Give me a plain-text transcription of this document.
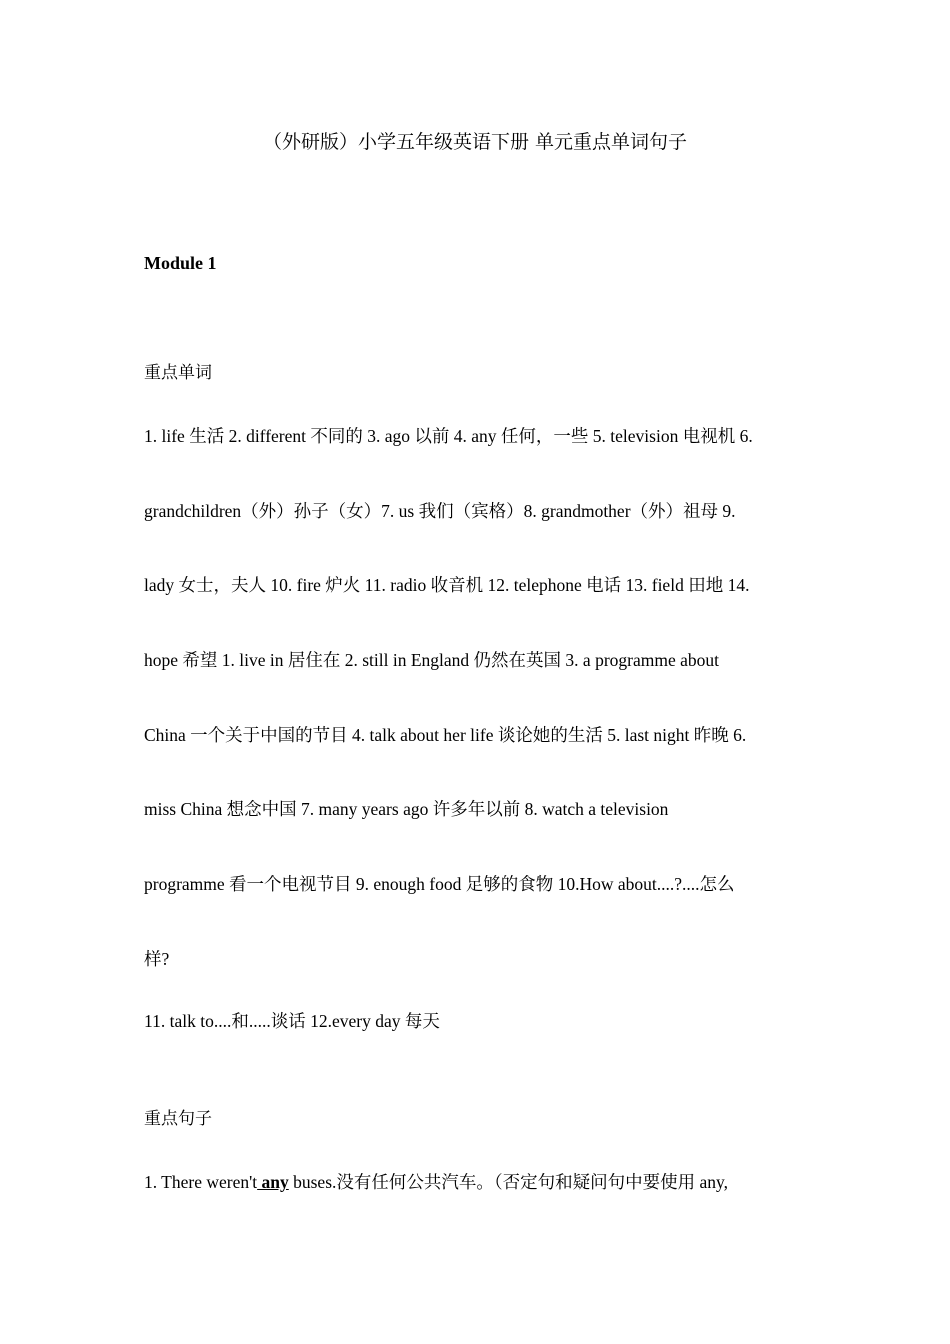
（外研版）小学五年级英语下册 单元重点单词句子
Module 1
重点单词
1. life 生活 2. different 不同的 3. ago 以前 4. any 任何，一些 5. television 电视机 6.
grandchildren（外）孙子（女）7. us 我们（宾格）8. grandmother（外）祖母 9.
lady 女士，夫人 10. fire 炉火 11. radio 收音机 12. telephone 电话 13. field 田地 14.
hope 希望 1. live in 居住在 2. still in England 仍然在英国 3. a programme about
China 一个关于中国的节目 4. talk about her life 谈论她的生活 5. last night 昨晚 6.
miss China 想念中国 7. many years ago 许多年以前 8. watch a television
programme 看一个电视节目 9. enough food 足够的食物 10.How about....?....怎么
样?
11. talk to....和.....谈话 12.every day 每天
重点句子
1. There weren't any buses.没有任何公共汽车。（否定句和疑问句中要使用 any,
